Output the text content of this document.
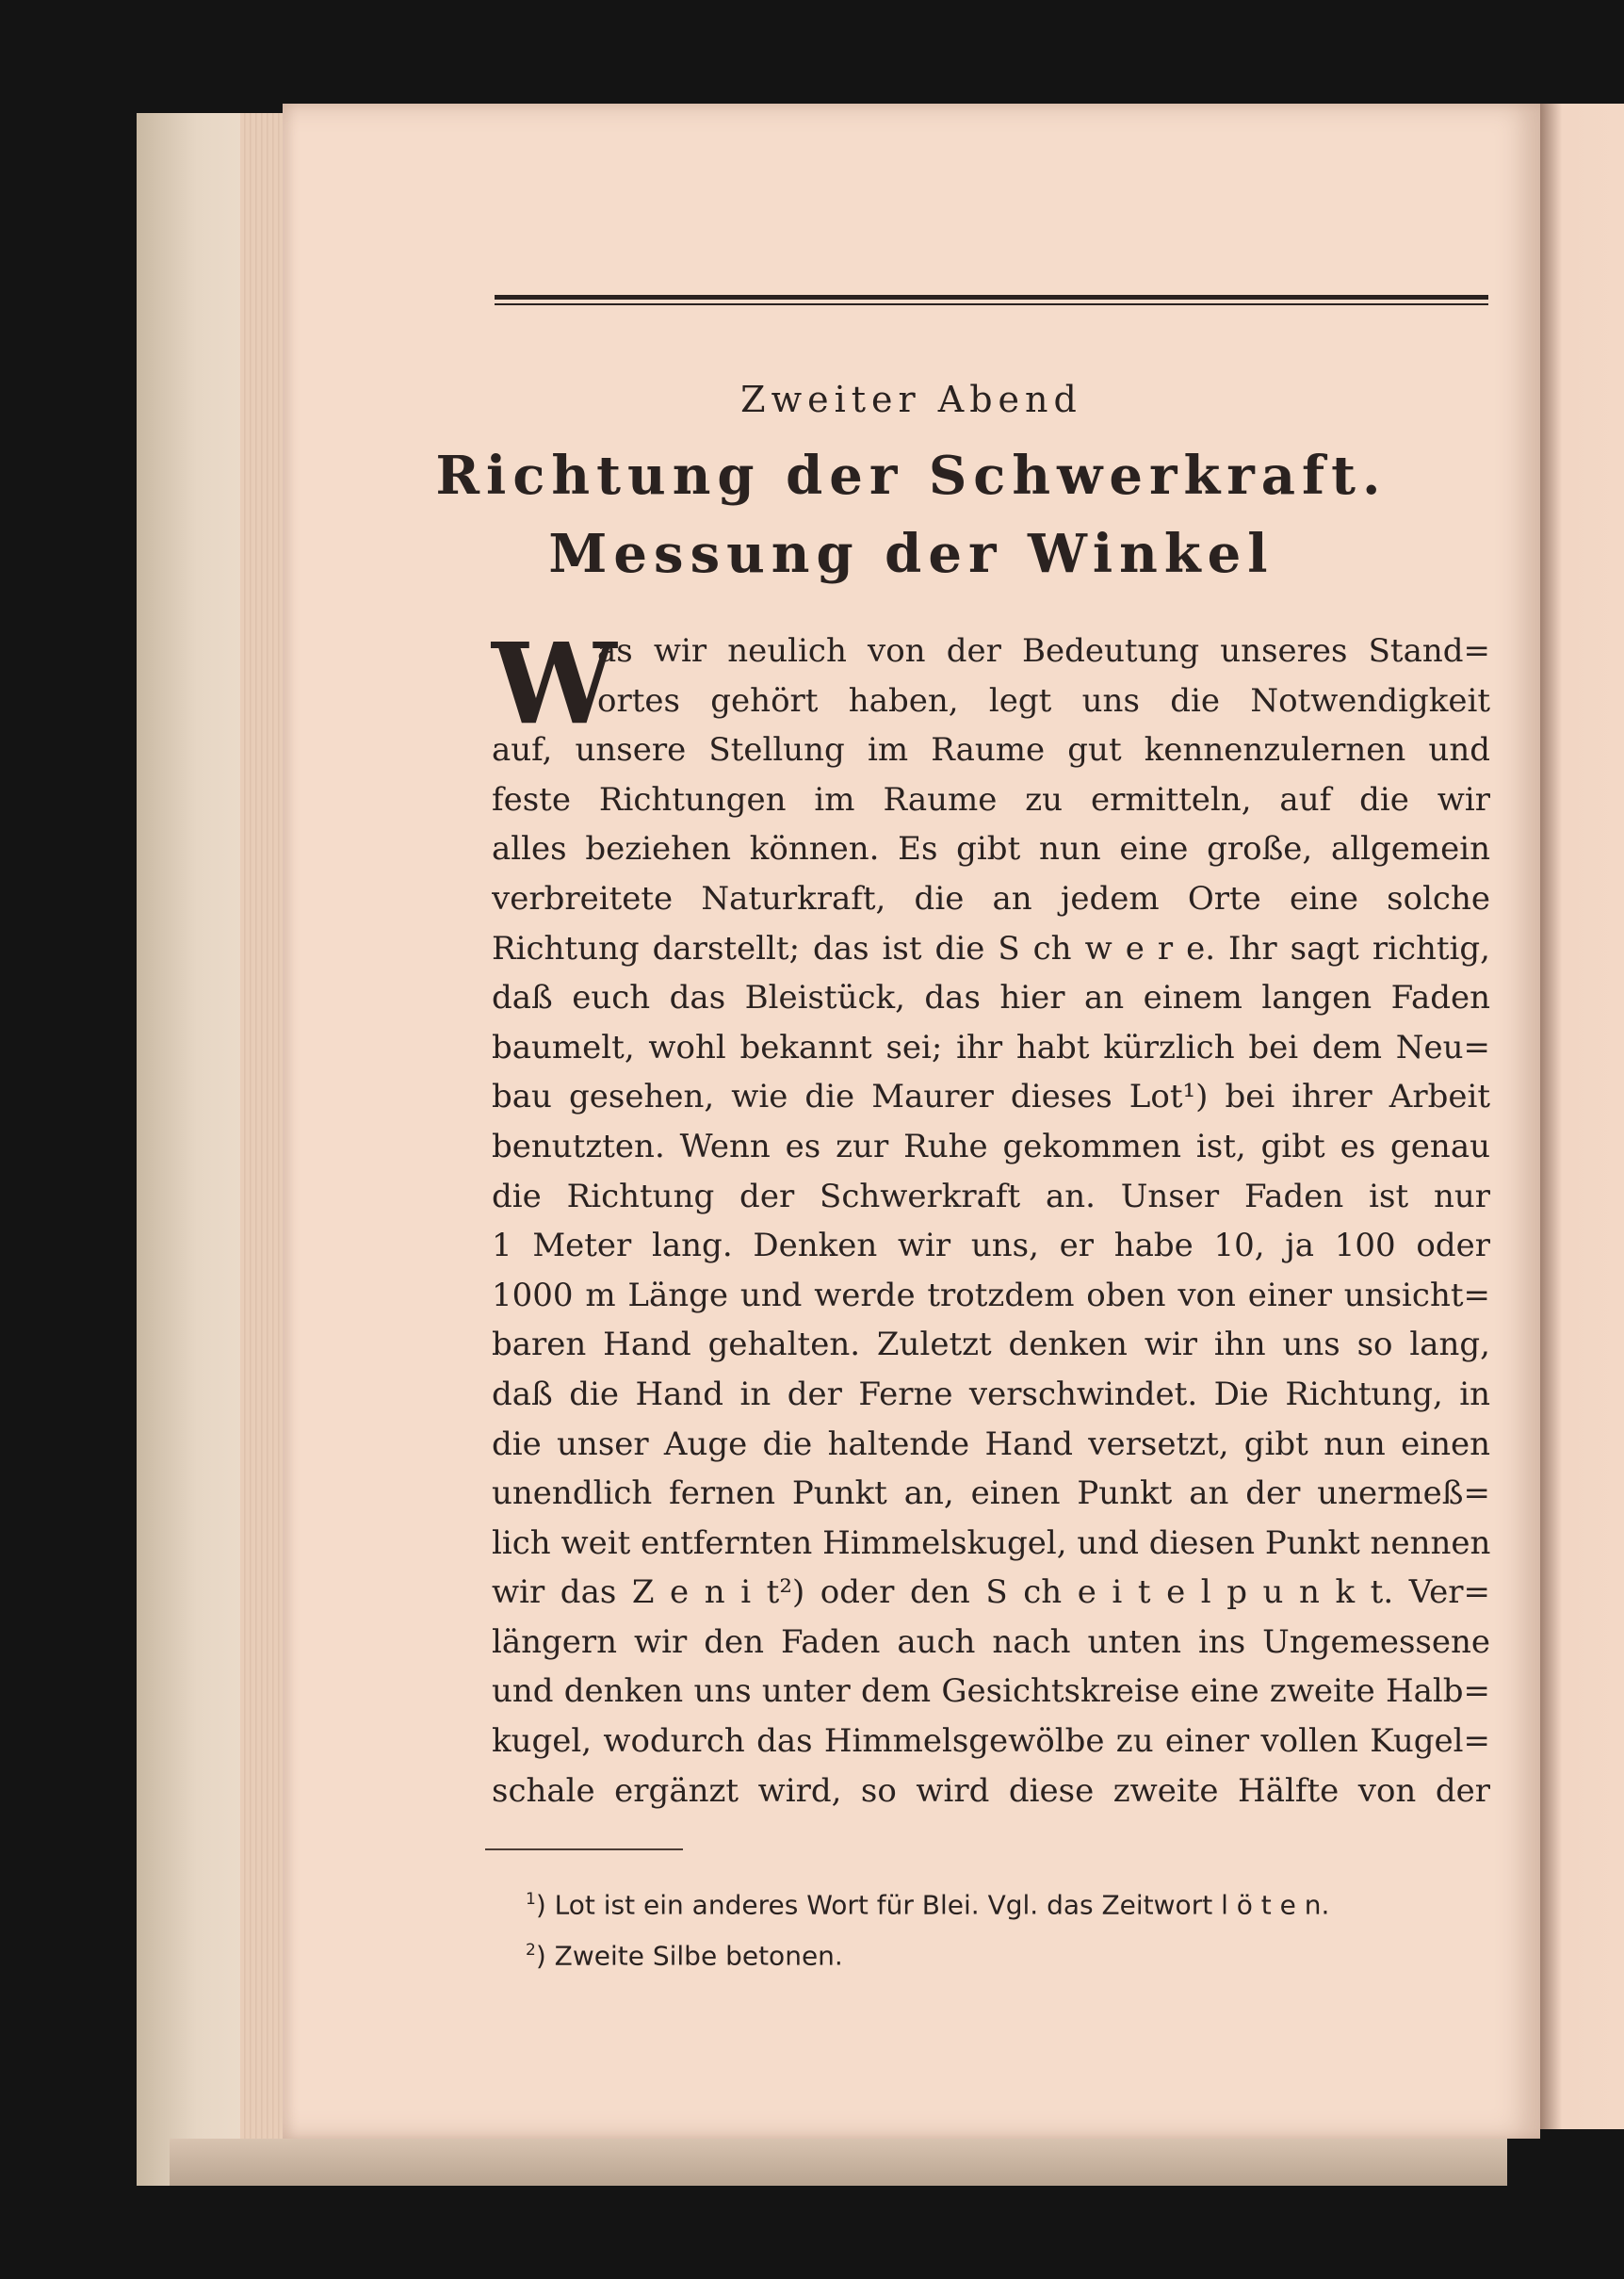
Zweiter Abend
Richtung der Schwerkraft.
Messung der Winkel
W
as wir neulich von der Bedeutung unseres Stand=
ortes gehört haben, legt uns die Notwendigkeit
auf, unsere Stellung im Raume gut kennenzulernen und
feste Richtungen im Raume zu ermitteln, auf die wir
alles beziehen können. Es gibt nun eine große, allgemein
verbreitete Naturkraft, die an jedem Orte eine solche
Richtung darstellt; das ist die S ch w e r e. Ihr sagt richtig,
daß euch das Bleistück, das hier an einem langen Faden
baumelt, wohl bekannt sei; ihr habt kürzlich bei dem Neu=
bau gesehen, wie die Maurer dieses Lot¹) bei ihrer Arbeit
benutzten. Wenn es zur Ruhe gekommen ist, gibt es genau
die Richtung der Schwerkraft an. Unser Faden ist nur
1 Meter lang. Denken wir uns, er habe 10, ja 100 oder
1000 m Länge und werde trotzdem oben von einer unsicht=
baren Hand gehalten. Zuletzt denken wir ihn uns so lang,
daß die Hand in der Ferne verschwindet. Die Richtung, in
die unser Auge die haltende Hand versetzt, gibt nun einen
unendlich fernen Punkt an, einen Punkt an der unermeß=
lich weit entfernten Himmelskugel, und diesen Punkt nennen
wir das Z e n i t²) oder den S ch e i t e l p u n k t. Ver=
längern wir den Faden auch nach unten ins Ungemessene
und denken uns unter dem Gesichtskreise eine zweite Halb=
kugel, wodurch das Himmelsgewölbe zu einer vollen Kugel=
schale ergänzt wird, so wird diese zweite Hälfte von der
$^1$) Lot ist ein anderes Wort für Blei. Vgl. das Zeitwort l ö t e n.
$^2$) Zweite Silbe betonen.
